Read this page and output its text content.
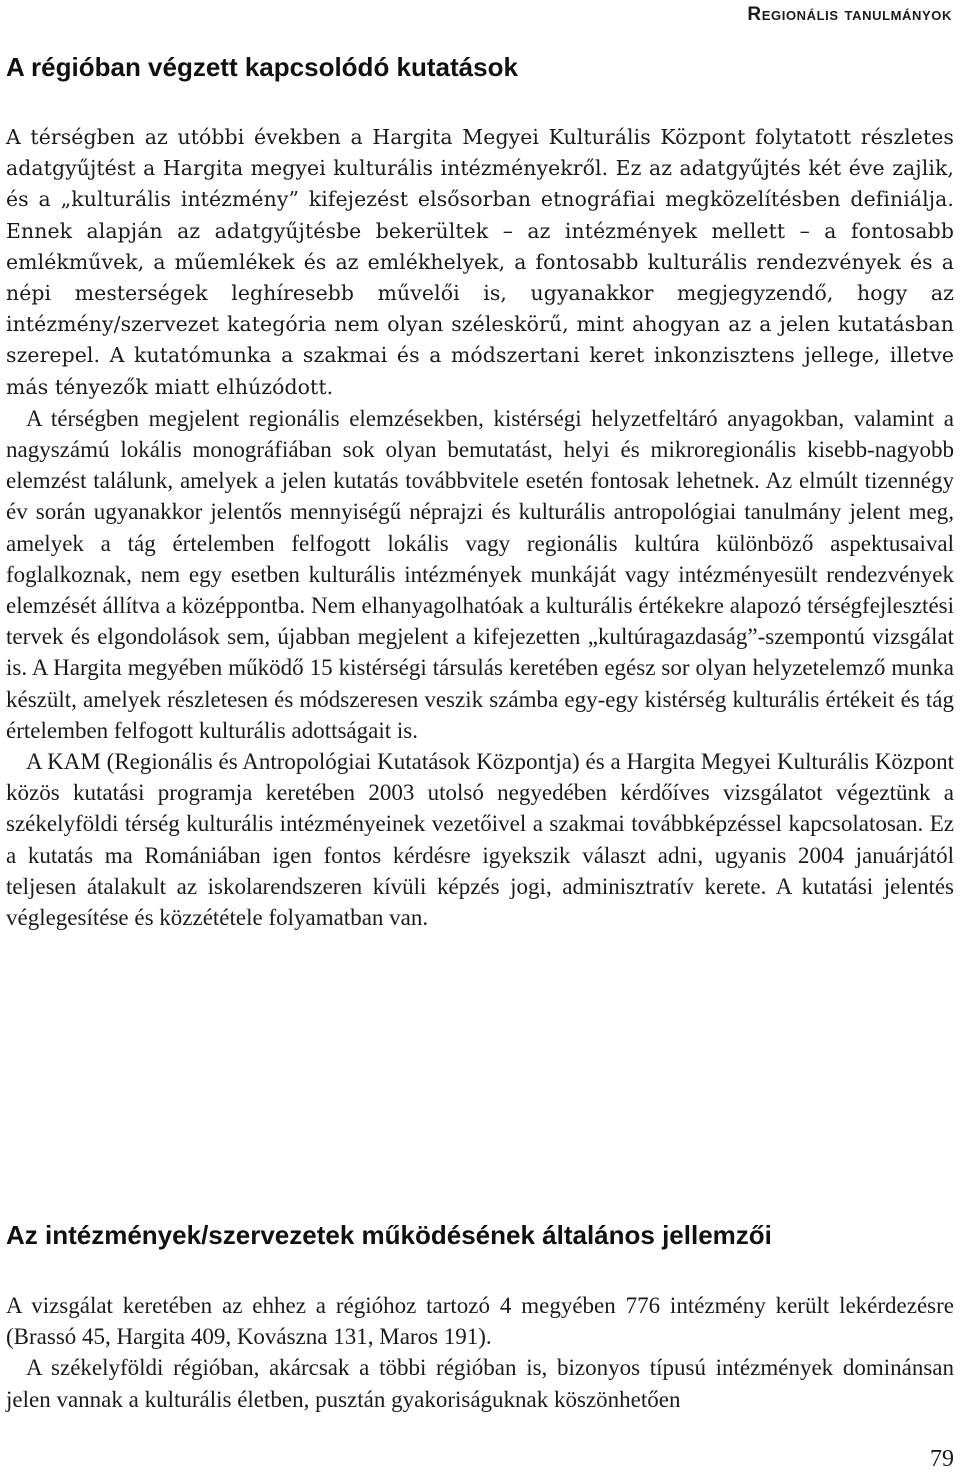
Regionális tanulmányok
A régióban végzett kapcsolódó kutatások

A térségben az utóbbi években a Hargita Megyei Kulturális Központ folytatott részletes adatgyűjtést a Hargita megyei kulturális intézményekről. Ez az adatgyűjtés két éve zajlik, és a „kulturális intézmény” kifejezést elsősorban etnográfiai megközelítésben definiálja. Ennek alapján az adatgyűjtésbe bekerültek – az intézmények mellett – a fontosabb emlékművek, a műemlékek és az emlékhelyek, a fontosabb kulturális rendezvények és a népi mesterségek leghíresebb művelői is, ugyanakkor megjegyzendő, hogy az intézmény/szervezet kategória nem olyan széleskörű, mint ahogyan az a jelen kutatásban szerepel. A kutatómunka a szakmai és a módszertani keret inkonzisztens jellege, illetve más tényezők miatt elhúzódott.

A térségben megjelent regionális elemzésekben, kistérségi helyzetfeltáró anyagokban, valamint a nagyszámú lokális monográfiában sok olyan bemutatást, helyi és mikroregionális kisebb-nagyobb elemzést találunk, amelyek a jelen kutatás továbbvitele esetén fontosak lehetnek. Az elmúlt tizennégy év során ugyanakkor jelentős mennyiségű néprajzi és kulturális antropológiai tanulmány jelent meg, amelyek a tág értelemben felfogott lokális vagy regionális kultúra különböző aspektusaival foglalkoznak, nem egy esetben kulturális intézmények munkáját vagy intézményesült rendezvények elemzését állítva a középpontba. Nem elhanyagolhatóak a kulturális értékekre alapozó térségfejlesztési tervek és elgondolások sem, újabban megjelent a kifejezetten „kultúragazdaság”-szempontú vizsgálat is. A Hargita megyében működő 15 kistérségi társulás keretében egész sor olyan helyzetelemző munka készült, amelyek részletesen és módszeresen veszik számba egy-egy kistérség kulturális értékeit és tág értelemben felfogott kulturális adottságait is.

A KAM (Regionális és Antropológiai Kutatások Központja) és a Hargita Megyei Kulturális Központ közös kutatási programja keretében 2003 utolsó negyedében kérdőíves vizsgálatot végeztünk a székelyföldi térség kulturális intézményeinek vezetőivel a szakmai továbbképzéssel kapcsolatosan. Ez a kutatás ma Romániában igen fontos kérdésre igyekszik választ adni, ugyanis 2004 januárjától teljesen átalakult az iskolarendszeren kívüli képzés jogi, adminisztratív kerete. A kutatási jelentés véglegesítése és közzététele folyamatban van.

Az intézmények/szervezetek működésének általános jellemzői

A vizsgálat keretében az ehhez a régióhoz tartozó 4 megyében 776 intézmény került lekérdezésre (Brassó 45, Hargita 409, Kovászna 131, Maros 191).

A székelyföldi régióban, akárcsak a többi régióban is, bizonyos típusú intézmények dominánsan jelen vannak a kulturális életben, pusztán gyakoriságuknak köszönhetően

79
